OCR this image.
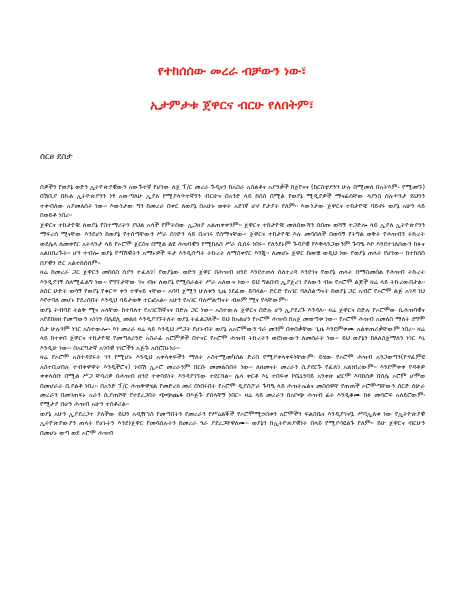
የተከሰሰው መረራ ብቻውን ነው፣
ኢታምታቱ ጀዋርና ብርሁ የለበትም፣
ሰርፀ ደስታ

ሰዎችን የወያኔ ወድን ኢትዮጵያዊውን አውጉተኛ የሆነው ለጀ ፕ/ር መረራ ጉዲናን ከአስራ አስልቶና አያንቃች ከጀየናና (ከርስቲያንን ሁሉ በሚመለ በአትእም- የሚመኙ) በሽቢያ በኩል ኢትዮጵያንን ነፃ አውጣለሁ ኢያለ የሚያላጥተኛንን ብርሁና በአንድ ላይ ከሰስ በሚል የወያኔ ሚዲያዎች ማናፊሰቸው ላያነስ ሰሉጥንታ ይህንን ተቀብለው አያመለሰት ነው፡፡ እውነታው ግን ከመረራ በቀር ለወያኔ በአሁኑ ወቀት አደገኛ ሆኖ የታያት የለም፡፡ እውነታው ጀዋርና ተከታዮቹ ባይኖሩ ወያኔ አሁን ላይ በወይቶ ነበረ፡፡

ጀዋርና ተከታዮቹ ለወያኔ የስተማሪትን ያህል አላች የምትሰው ኢጋዘያ አልጠቀቀንም፡፡ ጀዋርና ተከታዮቹ መለሰውሻን ሰሰጡ ወሻኝ ተጋድሎ ላይ ኢያለ ኢትዮጵያንን ማፍረሰ ሚናቸው እንደሆነ ከወያኔ የተሰጣቸውን ሥራ ሰገድን ላይ ቢናገሩ የሰማናቸው፡፡ ጀዋርና ተከታዮቹ እሉ መሳሰለች በወሳኝ የትግል ወቅት የሕዝብን ትኩረት ወደሌላ ለመቀየር አትላንታ ላይ የኦሮሞ ጀርስና በሚል ልዩ ሕዝባዊን የሚከለስ ሥራ ሲሰሩ ነበሩ፡፡ የለንደኑም ጉዳያዊ የእቅላንጋውንም ጉባዔ እኮ እንደተገለሰውን ከፉና አልክበረጉት፡፡ ሆን ተብሎ ወያኔ የጣሽዊትን አማኑዎች ፍታ እንዲሰጣት ትኩረት ለማስቀየር እንጂ፡፡ ለመሆኑ ጀዋር ከመቼ ወዲህ ነው የወያኔ ጠላት የሆነው፡፡ ከተከሰሰ ሰያዊን ድር አልተከሰሰም፡፡

ዛሬ ከመረራ ጋር ጀዋርን መከሰስ ሰያን ተፈለገ፣ የወያኔው ወድን ጀዋር በሕዝብ ዘንደ እንደተጠላ ሰለተረዳ እንደገና የወያኔ ጠላት በማስመሰል የሕዝብ ትኩረት እንዲያገኝ ሰለሚፈልግ ነው፡፡ የግኘታቸው ገና ብዙ ለወያኔ የሚሰራልት ሥራ አለውና ነው፡፡ ይህ ግልበብ ኢያጀረገ ያለውን ብዙ የኦሮሞ ልጆች ዛሬ ላይ ትኩረውበታል፡፡ ለሰር ሁድት ወሳኝ የወያኔ የቁርጥ ቀን ተዋናይ ናቸው፡፡ አባባ ጀሚን ሁለቱን ጊዜ ነደፈው ይባላል፡፡ ድርድ የአገር ባለስልጣናት ከወያኔ ጋር አብሮ የኦሮሞ ልጅ አገዳ ነህ እየተባለ መሆኑ የደረሰበት እንዲህ ሳይታወቅ ተርፎአል፡፡ አሁን የአገር ባለሥልጣናት ብዙም ሚና የላቸውም፡፡

ወያኔ ትብባደ ትልቅ ሚና አላቸው ከተባለተ የአገርሽኛናና በድሉ ጋር ነው፡፡ አስተውሉ ጀዋርና በድሉ ሆን ኢያደረጉ እንዳለ፡፡ ዛሬ ጀዋርና በድሉ የኦሮሞው ኪሕዝባዊና አየደበዘዘ የመጣውን አነገን በሌዩሊ መልክ እንዲያገኙትለት ወያኔ ትፈልጋለች፡፡ ይህ ከአልሆነ የኦሮሞ ሕዝብ ከአጀ መወጣቱ ነው፡፡ የኦሮሞ ሕዝብ አመለስ ማለት ደግሞ በታ ሁሉንም ነገር አስተውሎ፡፡ እነ መረራ ዛሬ ላይ እንዲህ ሥጋት የሆኑብት ወያኔ አኦሮሞውን ጎራ መንም በቀበቃቸው ጊዜ እንደምቀሙ አልቀጠሪቃቸውም ነበረ፡፡ ዛሬ ላይ ከተቀበ ጀዋርና ተከታዮቹ የመጣለሪንድ አስራፊ አሮምዎች በተናር የኦሮሞ ሕዝብ ትኩረትን ወደነውውን ለመሰራት ነው፡፡ ይህ ወያኔን ከለለስጀማለን ነገር እኒ እንዲሁ ነው፡፡ በአርግታኛ አገባዊ ነገሮችን አጅጉ አሰሮስኑነራ፡፡

ዛሬ የኦሮሞ አስተዳደሩት ገን የሚሆኑ እንዲህ አቀላቀፍችን ማለት ኦስተሚመካሰል ድሪስ የሚያቀላቀፍነቸውም፡ ይሄው የኦሮሞ ሕዝብ አንጋወጣን(ዮሃፈምዩ አስተቢሆበሉ ተብቀዋዋት እንዲችሮና) ገብሽ ኢኦሮ መረራንም በርሱ መመልስበት ነው፡፡ ለዘመናት መረራን ሲያደርጉ የፈለገ አልነበረውም፡፡ እንደሞቀቀ የዳቶዎ ቀቀላሰቡ በሚል ሥጋ ቸሳሪዎ በሕዝብ ዘንደ ተቀባይነት እንዳያገኘው ተደርጓል፡፡ ሌላ ቀርቶ እኒ ተበፍቀ ኮቤኒንባይ አንቀጽ ፎርሞ እባከሰዎ በሰሌ ኦሮም ሆሞወ በመሆራራ ቢያልቶ ነበረ፡፡ በአንድ ፕ/ር ሕዝቅዋሄል የመድረክ መሪ በነበሩበት የኦሮሞ ዲያስፖራ ጉባዔ ላይ ሕዝትኤልና መስሰዋቸ የጠጠች ኦሮሞጣቸውን ሰርድ ሰሁራ መረራን በመገጠፍኑ አራን ሲያጠሾቸ የተደረጋበት ጭጭጨፋ በእጅጉ ያሰላቸኝ ነበር፡፡ ዛሬ ላይ መረራን በአቦጭ ሕዝብ ፊት እንዲቆሙ ከፉ መሳሮፍ አለይሮውም፡ የሚታያ በሆን ሕዝብ አሁን ተሰቶሪል፡፡

ወያኔ አሁን ኢያደረጋተ ያለችው ይህን አዲዥገስ የመጣበትን የመረራን የሥዕልኞች የኦሮሞሚኃሰቱን አሮሞችን ፍልስቤና እንዲያገናቧ ሥሳኢለቱ ነው የኢትዮጵያዊ ኢትዮጵያውያን ጠላት የሆኑትን እንደነጀዋር የመሳሰሉትን ከመረራ ጎራ ያደረጋቸዋለሙ፡፡ ወያኔን ከኢትዮጵያዊነት በላይ የሚያሳዩልጉ የለም፡፡ ይሁ ጀዋርና ብርሁን በመሆኑ ወጣ ወደ ኦሮሞ ሕዝብ
